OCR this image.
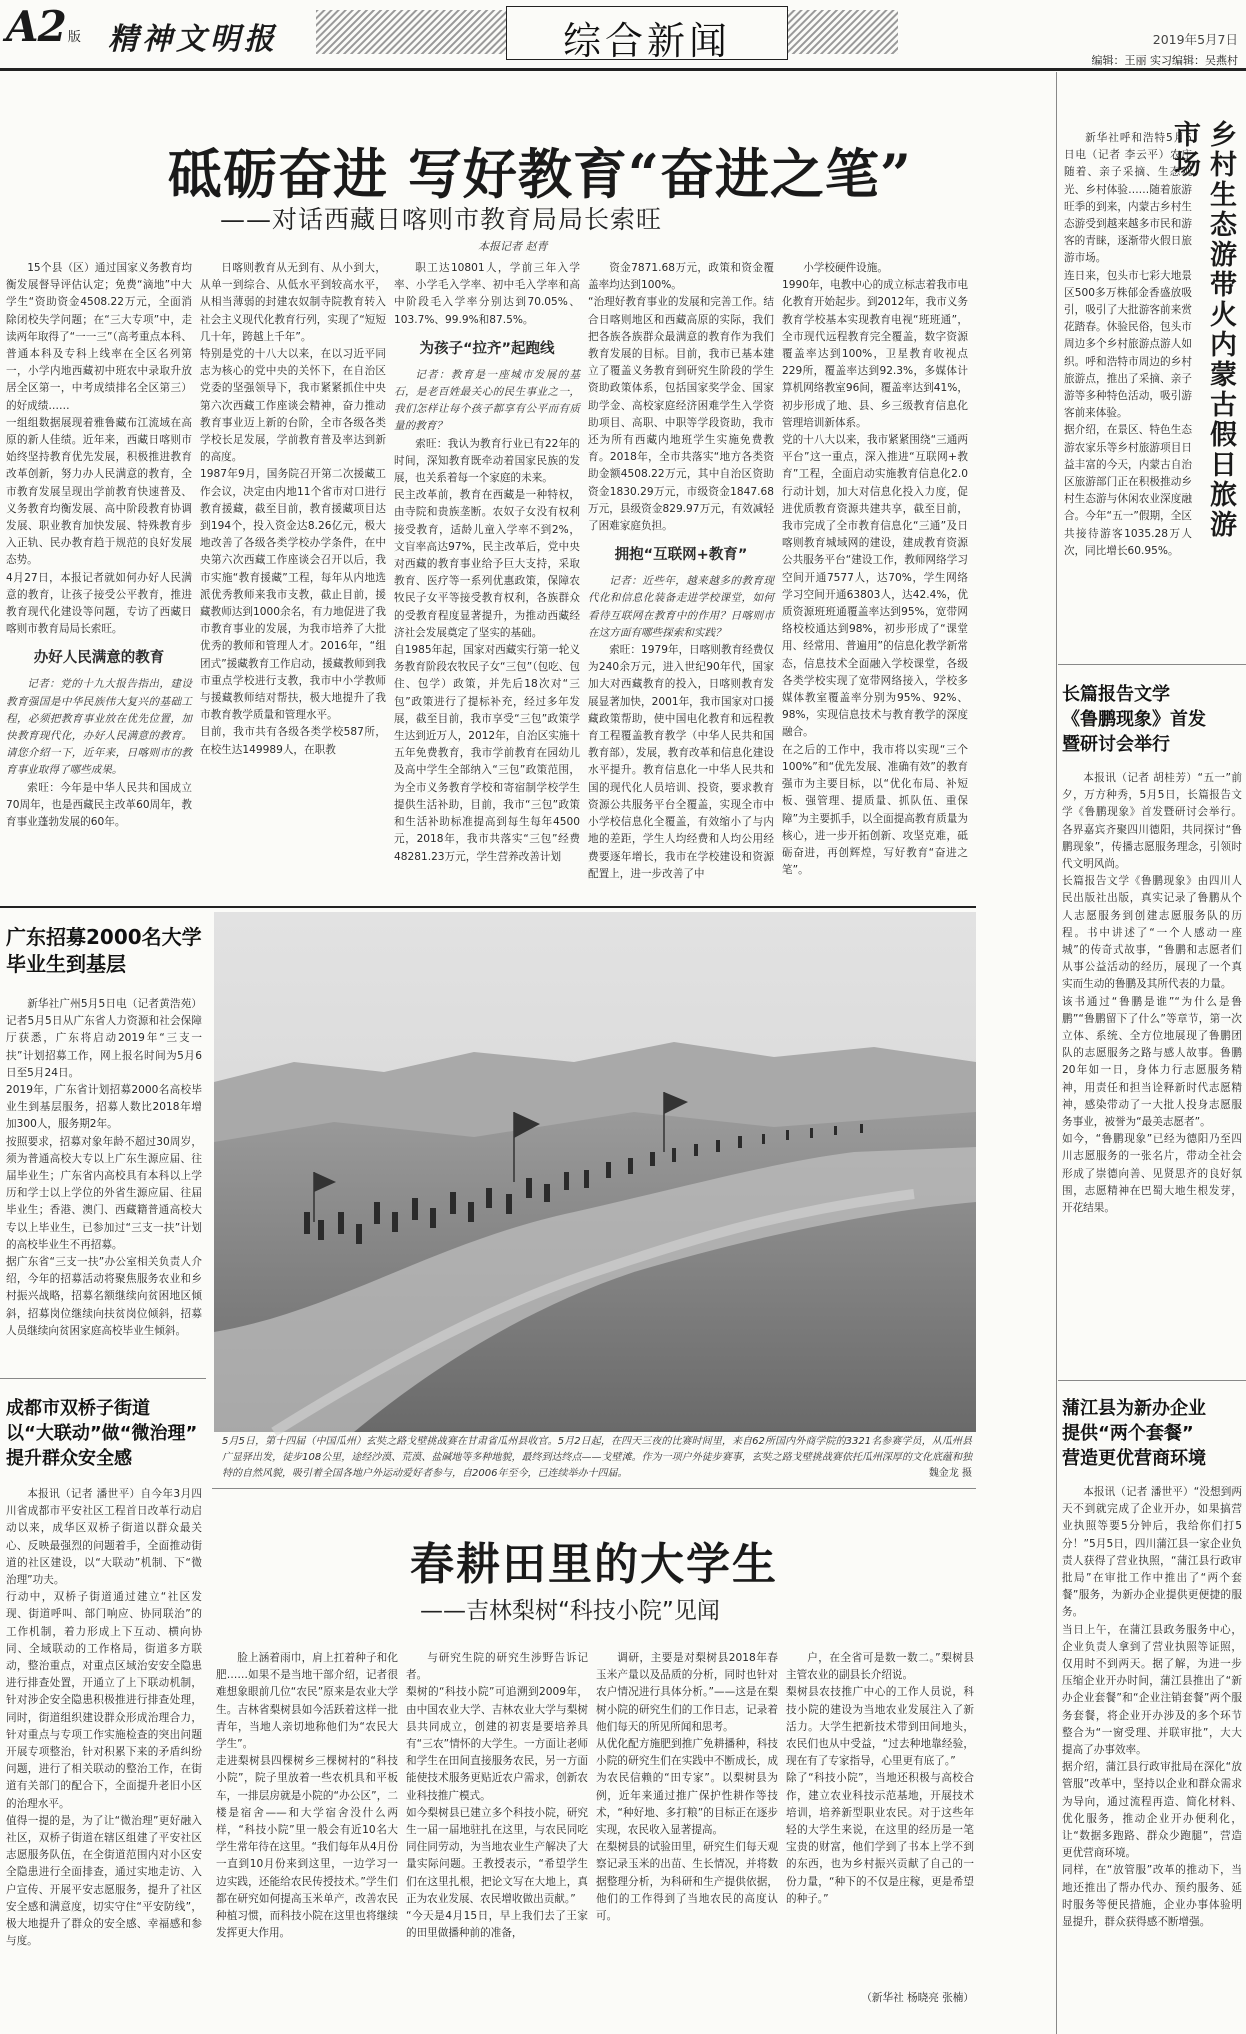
A2 版 精神文明报	综合新闻	2019年5月7日
编辑：王丽 实习编辑：吴燕村
砥砺奋进 写好教育“奋进之笔”
——对话西藏日喀则市教育局局长索旺
本报记者 赵青
15个县（区）通过国家义务教育均衡发展督导评估认定；免费“滴地”中大学生“资助资金4508.22万元，全面消除闭校失学问题；在“三大专项”中，走读两年取得了“一一三”（高考重点本科、普通本科及专科上线率在全区名列第一，小学内地西藏初中班农中录取升放居全区第一，中考成绩排名全区第三）的好成绩……
一组组数据展现着雅鲁藏布江流域在高原的新人佳绩。近年来，西藏日喀则市始终坚持教育优先发展，积极推进教育改革创新，努力办人民满意的教育，全市教育发展呈现出学前教育快速普及、义务教育均衡发展、高中阶段教育协调发展、职业教育加快发展、特殊教育步入正轨、民办教育趋于规范的良好发展态势。
4月27日，本报记者就如何办好人民满意的教育，让孩子接受公平教育，推进教育现代化建设等问题，专访了西藏日喀则市教育局局长索旺。
办好人民满意的教育
记者：党的十九大报告指出，建设教育强国是中华民族伟大复兴的基础工程，必须把教育事业放在优先位置，加快教育现代化，办好人民满意的教育。请您介绍一下，近年来，日喀则市的教育事业取得了哪些成果。
索旺：今年是中华人民共和国成立70周年，也是西藏民主改革60周年，教育事业蓬勃发展的60年。
日喀则教育从无到有、从小到大，从单一到综合、从低水平到较高水平，从相当薄弱的封建农奴制寺院教育转入社会主义现代化教育行列，实现了“短短几十年，跨越上千年”。
特别是党的十八大以来，在以习近平同志为核心的党中央的关怀下，在自治区党委的坚强领导下，我市紧紧抓住中央第六次西藏工作座谈会精神，奋力推动教育事业迈上新的台阶，全市各级各类学校长足发展，学前教育普及率达到新的高度。
1987年9月，国务院召开第二次援藏工作会议，决定由内地11个省市对口进行教育援藏，截至目前，教育援藏项目达到194个，投入资金达8.26亿元，极大地改善了各级各类学校办学条件，在中央第六次西藏工作座谈会召开以后，我市实施“教育援藏”工程，每年从内地选派优秀教师来我市支教，截止目前，援藏教师达到1000余名，有力地促进了我市教育事业的发展，为我市培养了大批优秀的教师和管理人才。2016年，“组团式”援藏教育工作启动，援藏教师到我市重点学校进行支教，我市中小学教师与援藏教师结对帮扶，极大地提升了我市教育教学质量和管理水平。
目前，我市共有各级各类学校587所，在校生达149989人，在职教
职工达10801人，学前三年入学率、小学毛入学率、初中毛入学率和高中阶段毛入学率分别达到70.05%、103.7%、99.9%和87.5%。
为孩子“拉齐”起跑线
记者：教育是一座城市发展的基石，是老百姓最关心的民生事业之一，我们怎样让每个孩子都享有公平而有质量的教育？
索旺：我认为教育行业已有22年的时间，深知教育既牵动着国家民族的发展，也关系着每一个家庭的未来。
民主改革前，教育在西藏是一种特权，由寺院和贵族垄断。农奴子女没有权利接受教育，适龄儿童入学率不到2%，文盲率高达97%，民主改革后，党中央对西藏的教育事业给予巨大支持，采取教育、医疗等一系列优惠政策，保障农牧民子女平等接受教育权利，各族群众的受教育程度显著提升，为推动西藏经济社会发展奠定了坚实的基础。
自1985年起，国家对西藏实行第一轮义务教育阶段农牧民子女“三包”（包吃、包住、包学）政策，并先后18次对“三包”政策进行了提标补充，经过多年发展，截至目前，我市享受“三包”政策学生达到近万人，2012年，自治区实施十五年免费教育，我市学前教育在园幼儿及高中学生全部纳入“三包”政策范围，为全市义务教育学校和寄宿制学校学生提供生活补助，目前，我市“三包”政策和生活补助标准提高到每生每年4500元，2018年，我市共落实“三包”经费48281.23万元，学生营养改善计划
资金7871.68万元，政策和资金覆盖率均达到100%。
“治理好教育事业的发展和完善工作。结合日喀则地区和西藏高原的实际，我们把各族各族群众最满意的教育作为我们教育发展的目标。目前，我市已基本建立了覆盖义务教育到研究生阶段的学生资助政策体系，包括国家奖学金、国家助学金、高校家庭经济困难学生入学资助项目、高职、中职等学段资助，我市还为所有西藏内地班学生实施免费教育。2018年，全市共落实“地方各类资助金额4508.22万元，其中自治区资助资金1830.29万元，市级资金1847.68万元，县级资金829.97万元，有效减轻了困难家庭负担。
拥抱“互联网+教育”
记者：近些年，越来越多的教育现代化和信息化装备走进学校课堂，如何看待互联网在教育中的作用？日喀则市在这方面有哪些探索和实践？
索旺：1979年，日喀则教育经费仅为240余万元，进入世纪90年代，国家加大对西藏教育的投入，日喀则教育发展显著加快，2001年，我市国家对口援藏政策帮助，使中国电化教育和远程教育工程覆盖教育教学（中华人民共和国教育部），发展，教育改革和信息化建设水平提升。教育信息化一中华人民共和国的现代化人员培训、投资，要求教育资源公共服务平台全覆盖，实现全市中小学校信息化全覆盖，有效缩小了与内地的差距，学生人均经费和人均公用经费要逐年增长，我市在学校建设和资源配置上，进一步改善了中
小学校硬件设施。
1990年，电教中心的成立标志着我市电化教育开始起步。到2012年，我市义务教育学校基本实现教育电视“班班通”，全市现代远程教育完全覆盖，数字资源覆盖率达到100%，卫星教育收视点229所，覆盖率达到92.3%，多媒体计算机网络教室96间，覆盖率达到41%，初步形成了地、县、乡三级教育信息化管理培训新体系。
党的十八大以来，我市紧紧围绕“三通两平台”这一重点，深入推进“互联网+教育”工程，全面启动实施教育信息化2.0行动计划，加大对信息化投入力度，促进优质教育资源共建共享，截至目前，我市完成了全市教育信息化“三通”及日喀则教育城域网的建设，建成教育资源公共服务平台“建设工作，教师网络学习空间开通7577人，达70%，学生网络学习空间开通63803人，达42.4%，优质资源班班通覆盖率达到95%，宽带网络校校通达到98%，初步形成了“课堂用、经常用、普遍用”的信息化教学新常态，信息技术全面融入学校课堂，各级各类学校实现了宽带网络接入，学校多媒体教室覆盖率分别为95%、92%、98%，实现信息技术与教育教学的深度融合。
在之后的工作中，我市将以实现“三个100%”和“优先发展、准确有效”的教育强市为主要目标，以“优化布局、补短板、强管理、提质量、抓队伍、重保障”为主要抓手，以全面提高教育质量为核心，进一步开拓创新、攻坚克难，砥砺奋进，再创辉煌，写好教育“奋进之笔”。
广东招募2000名大学毕业生到基层
新华社广州5月5日电（记者黄浩苑）记者5月5日从广东省人力资源和社会保障厅获悉，广东将启动2019年“三支一扶”计划招募工作，网上报名时间为5月6日至5月24日。
2019年，广东省计划招募2000名高校毕业生到基层服务，招募人数比2018年增加300人，服务期2年。
按照要求，招募对象年龄不超过30周岁，须为普通高校大专以上广东生源应届、往届毕业生；广东省内高校具有本科以上学历和学士以上学位的外省生源应届、往届毕业生；香港、澳门、西藏籍普通高校大专以上毕业生，已参加过“三支一扶”计划的高校毕业生不再招募。
据广东省“三支一扶”办公室相关负责人介绍，今年的招募活动将聚焦服务农业和乡村振兴战略，招募名额继续向贫困地区倾斜，招募岗位继续向扶贫岗位倾斜，招募人员继续向贫困家庭高校毕业生倾斜。
成都市双桥子街道
以“大联动”做“微治理”
提升群众安全感
本报讯（记者 潘世平）自今年3月四川省成都市平安社区工程首日改革行动启动以来，成华区双桥子街道以群众最关心、反映最强烈的问题着手，全面推动街道的社区建设，以“大联动”机制、下“微治理”功夫。
行动中，双桥子街道通过建立“社区发现、街道呼叫、部门响应、协同联治”的工作机制，着力形成上下互动、横向协同、全域联动的工作格局，街道多方联动，整治重点，对重点区域治安安全隐患进行排查处置，开通立了上下联动机制，针对涉企安全隐患积极推进行排查处理，同时，街道组织建设群众形成治理合力，针对重点与专项工作实施检查的突出问题开展专项整治，针对积累下来的矛盾纠纷问题，进行了相关联动的整治工作，在街道有关部门的配合下，全面提升老旧小区的治理水平。
值得一提的是，为了让“微治理”更好融入社区，双桥子街道在辖区组建了平安社区志愿服务队伍，在全街道范围内对小区安全隐患进行全面排查，通过实地走访、入户宣传、开展平安志愿服务，提升了社区安全感和满意度，切实守住“平安防线”，极大地提升了群众的安全感、幸福感和参与度。
5月5日，第十四届（中国瓜州）玄奘之路戈壁挑战赛在甘肃省瓜州县收官。5月2日起，在四天三夜的比赛时间里，来自62所国内外商学院的3321名参赛学员，从瓜州县广显驿出发，徒步108公里，途经沙漠、荒漠、盐碱地等多种地貌，最终到达终点——戈壁滩。作为一项户外徒步赛事，玄奘之路戈壁挑战赛依托瓜州深厚的文化底蕴和独特的自然风貌，吸引着全国各地户外运动爱好者参与，自2006年至今，已连续举办十四届。	魏金龙 摄
春耕田里的大学生
——吉林梨树“科技小院”见闻
脸上涵着雨巾，肩上扛着种子和化肥……如果不是当地干部介绍，记者很难想象眼前几位“农民”原来是农业大学生。吉林省梨树县如今活跃着这样一批青年，当地人亲切地称他们为“农民大学生”。
走进梨树县四棵树乡三棵树村的“科技小院”，院子里放着一些农机具和平板车，一排层房就是小院的“办公区”，二楼是宿舍——和大学宿舍没什么两样，“科技小院”里一般会有近10名大学生常年待在这里。“我们每年从4月份一直到10月份来到这里，一边学习一边实践，还能给农民传授技术。”学生们都在研究如何提高玉米单产，改善农民种植习惯，而科技小院在这里也将继续发挥更大作用。
与研究生院的研究生涉野告诉记者。
梨树的“科技小院”可追溯到2009年，由中国农业大学、吉林农业大学与梨树县共同成立，创建的初衷是要培养具有“三农”情怀的大学生。一方面让老师和学生在田间直接服务农民，另一方面能使技术服务更贴近农户需求，创新农业科技推广模式。
如今梨树县已建立多个科技小院，研究生一届一届地驻扎在这里，与农民同吃同住同劳动，为当地农业生产解决了大量实际问题。王教授表示，“希望学生们在这里扎根，把论文写在大地上，真正为农业发展、农民增收做出贡献。”
“今天是4月15日，早上我们去了王家的田里做播种前的准备，
调研，主要是对梨树县2018年春玉米产量以及品质的分析，同时也针对农户情况进行具体分析。”——这是在梨树小院的研究生们的工作日志，记录着他们每天的所见所闻和思考。
从优化配方施肥到推广免耕播种，科技小院的研究生们在实践中不断成长，成为农民信赖的“田专家”。以梨树县为例，近年来通过推广保护性耕作等技术，“种好地、多打粮”的目标正在逐步实现，农民收入显著提高。
在梨树县的试验田里，研究生们每天观察记录玉米的出苗、生长情况，并将数据整理分析，为科研和生产提供依据，他们的工作得到了当地农民的高度认可。
户，在全省可是数一数二。”梨树县主管农业的副县长介绍说。
梨树县农技推广中心的工作人员说，科技小院的建设为当地农业发展注入了新活力。大学生把新技术带到田间地头，农民们也从中受益，“过去种地靠经验，现在有了专家指导，心里更有底了。”
除了“科技小院”，当地还积极与高校合作，建立农业科技示范基地，开展技术培训，培养新型职业农民。对于这些年轻的大学生来说，在这里的经历是一笔宝贵的财富，他们学到了书本上学不到的东西，也为乡村振兴贡献了自己的一份力量，“种下的不仅是庄稼，更是希望的种子。”
（新华社 杨晓亮 张楠）
新华社呼和浩特5月5日电（记者 李云平）农庄随着、亲子采摘、生态观光、乡村体验……随着旅游旺季的到来，内蒙古乡村生态游受到越来越多市民和游客的青睐，逐渐带火假日旅游市场。
连日来，包头市七彩大地景区500多万株郁金香盛放吸引，吸引了大批游客前来赏花踏春。休验民俗，包头市周边多个乡村旅游点游人如织。呼和浩特市周边的乡村旅游点，推出了采摘、亲子游等多种特色活动，吸引游客前来体验。
据介绍，在景区、特色生态游农家乐等乡村旅游项目日益丰富的今天，内蒙古自治区旅游部门正在积极推动乡村生态游与休闲农业深度融合。今年“五一”假期，全区共接待游客1035.28万人次，同比增长60.95%。
乡村生态游带火内蒙古假日旅游市场
长篇报告文学
《鲁鹏现象》首发
暨研讨会举行
本报讯（记者 胡桂芳）“五一”前夕，万方种秀，5月5日，长篇报告文学《鲁鹏现象》首发暨研讨会举行。各界嘉宾齐聚四川德阳，共同探讨“鲁鹏现象”，传播志愿服务理念，引领时代文明风尚。
长篇报告文学《鲁鹏现象》由四川人民出版社出版，真实记录了鲁鹏从个人志愿服务到创建志愿服务队的历程。书中讲述了“一个人感动一座城”的传奇式故事，“鲁鹏和志愿者们从事公益活动的经历，展现了一个真实而生动的鲁鹏及其所代表的力量。
该书通过“鲁鹏是谁”“为什么是鲁鹏”“鲁鹏留下了什么”等章节，第一次立体、系统、全方位地展现了鲁鹏团队的志愿服务之路与感人故事。鲁鹏20年如一日，身体力行志愿服务精神，用责任和担当诠释新时代志愿精神，感染带动了一大批人投身志愿服务事业，被誉为“最美志愿者”。
如今，“鲁鹏现象”已经为德阳乃至四川志愿服务的一张名片，带动全社会形成了崇德向善、见贤思齐的良好氛围，志愿精神在巴蜀大地生根发芽，开花结果。
蒲江县为新办企业
提供“两个套餐”
营造更优营商环境
本报讯（记者 潘世平）“没想到两天不到就完成了企业开办，如果搞营业执照等要5分钟后，我给你们打5分！”5月5日，四川蒲江县一家企业负责人获得了营业执照，“蒲江县行政审批局”在审批工作中推出了“两个套餐”服务，为新办企业提供更便捷的服务。
当日上午，在蒲江县政务服务中心，企业负责人拿到了营业执照等证照，仅用时不到两天。据了解，为进一步压缩企业开办时间，蒲江县推出了“新办企业套餐”和“企业注销套餐”两个服务套餐，将企业开办涉及的多个环节整合为“一窗受理、并联审批”，大大提高了办事效率。
据介绍，蒲江县行政审批局在深化“放管服”改革中，坚持以企业和群众需求为导向，通过流程再造、简化材料、优化服务，推动企业开办便利化，让“数据多跑路、群众少跑腿”，营造更优营商环境。
同样，在“放管服”改革的推动下，当地还推出了帮办代办、预约服务、延时服务等便民措施，企业办事体验明显提升，群众获得感不断增强。
